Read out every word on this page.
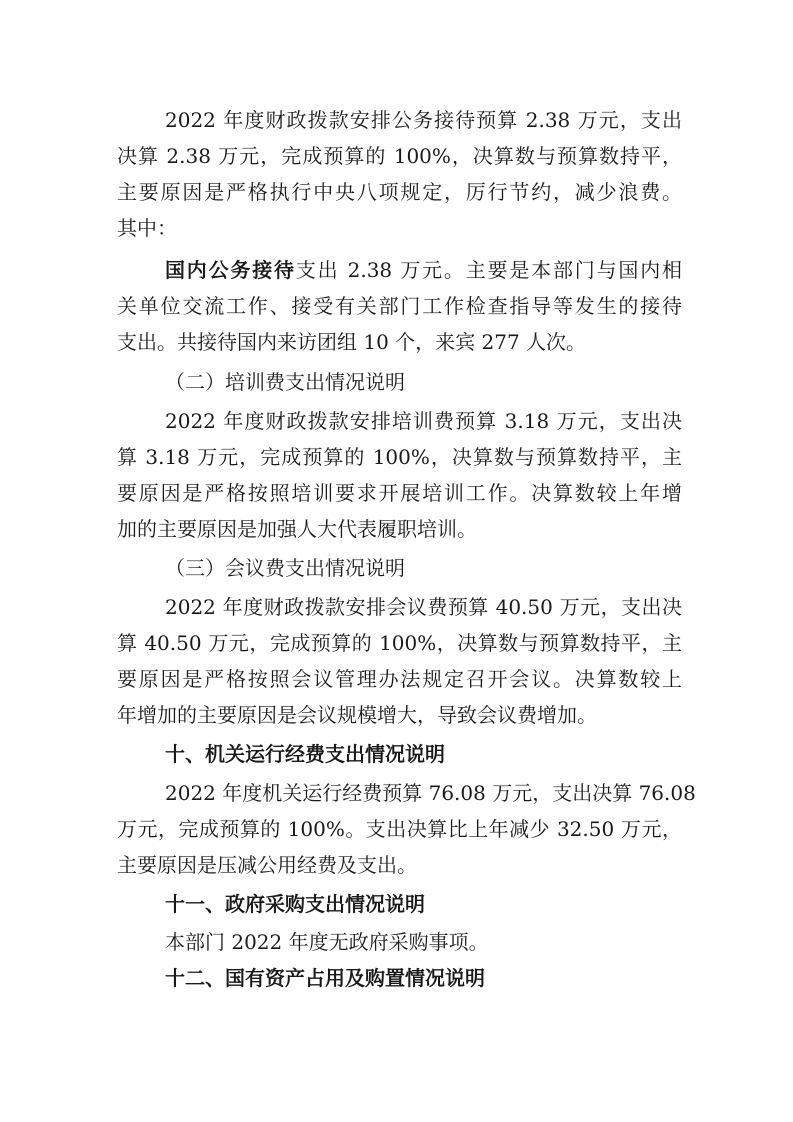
2022 年度财政拨款安排公务接待预算 2.38 万元，支出

决算 2.38 万元，完成预算的 100%，决算数与预算数持平，

主要原因是严格执行中央八项规定，厉行节约，减少浪费。

其中：

国内公务接待支出 2.38 万元。主要是本部门与国内相

关单位交流工作、接受有关部门工作检查指导等发生的接待

支出。共接待国内来访团组 10 个，来宾 277 人次。

（二）培训费支出情况说明

2022 年度财政拨款安排培训费预算 3.18 万元，支出决

算 3.18 万元，完成预算的 100%，决算数与预算数持平，主

要原因是严格按照培训要求开展培训工作。决算数较上年增

加的主要原因是加强人大代表履职培训。

（三）会议费支出情况说明

2022 年度财政拨款安排会议费预算 40.50 万元，支出决

算 40.50 万元，完成预算的 100%，决算数与预算数持平，主

要原因是严格按照会议管理办法规定召开会议。决算数较上

年增加的主要原因是会议规模增大，导致会议费增加。

十、机关运行经费支出情况说明

2022 年度机关运行经费预算 76.08 万元，支出决算 76.08

万元，完成预算的 100%。支出决算比上年减少 32.50 万元，

主要原因是压减公用经费及支出。

十一、政府采购支出情况说明

本部门 2022 年度无政府采购事项。

十二、国有资产占用及购置情况说明
